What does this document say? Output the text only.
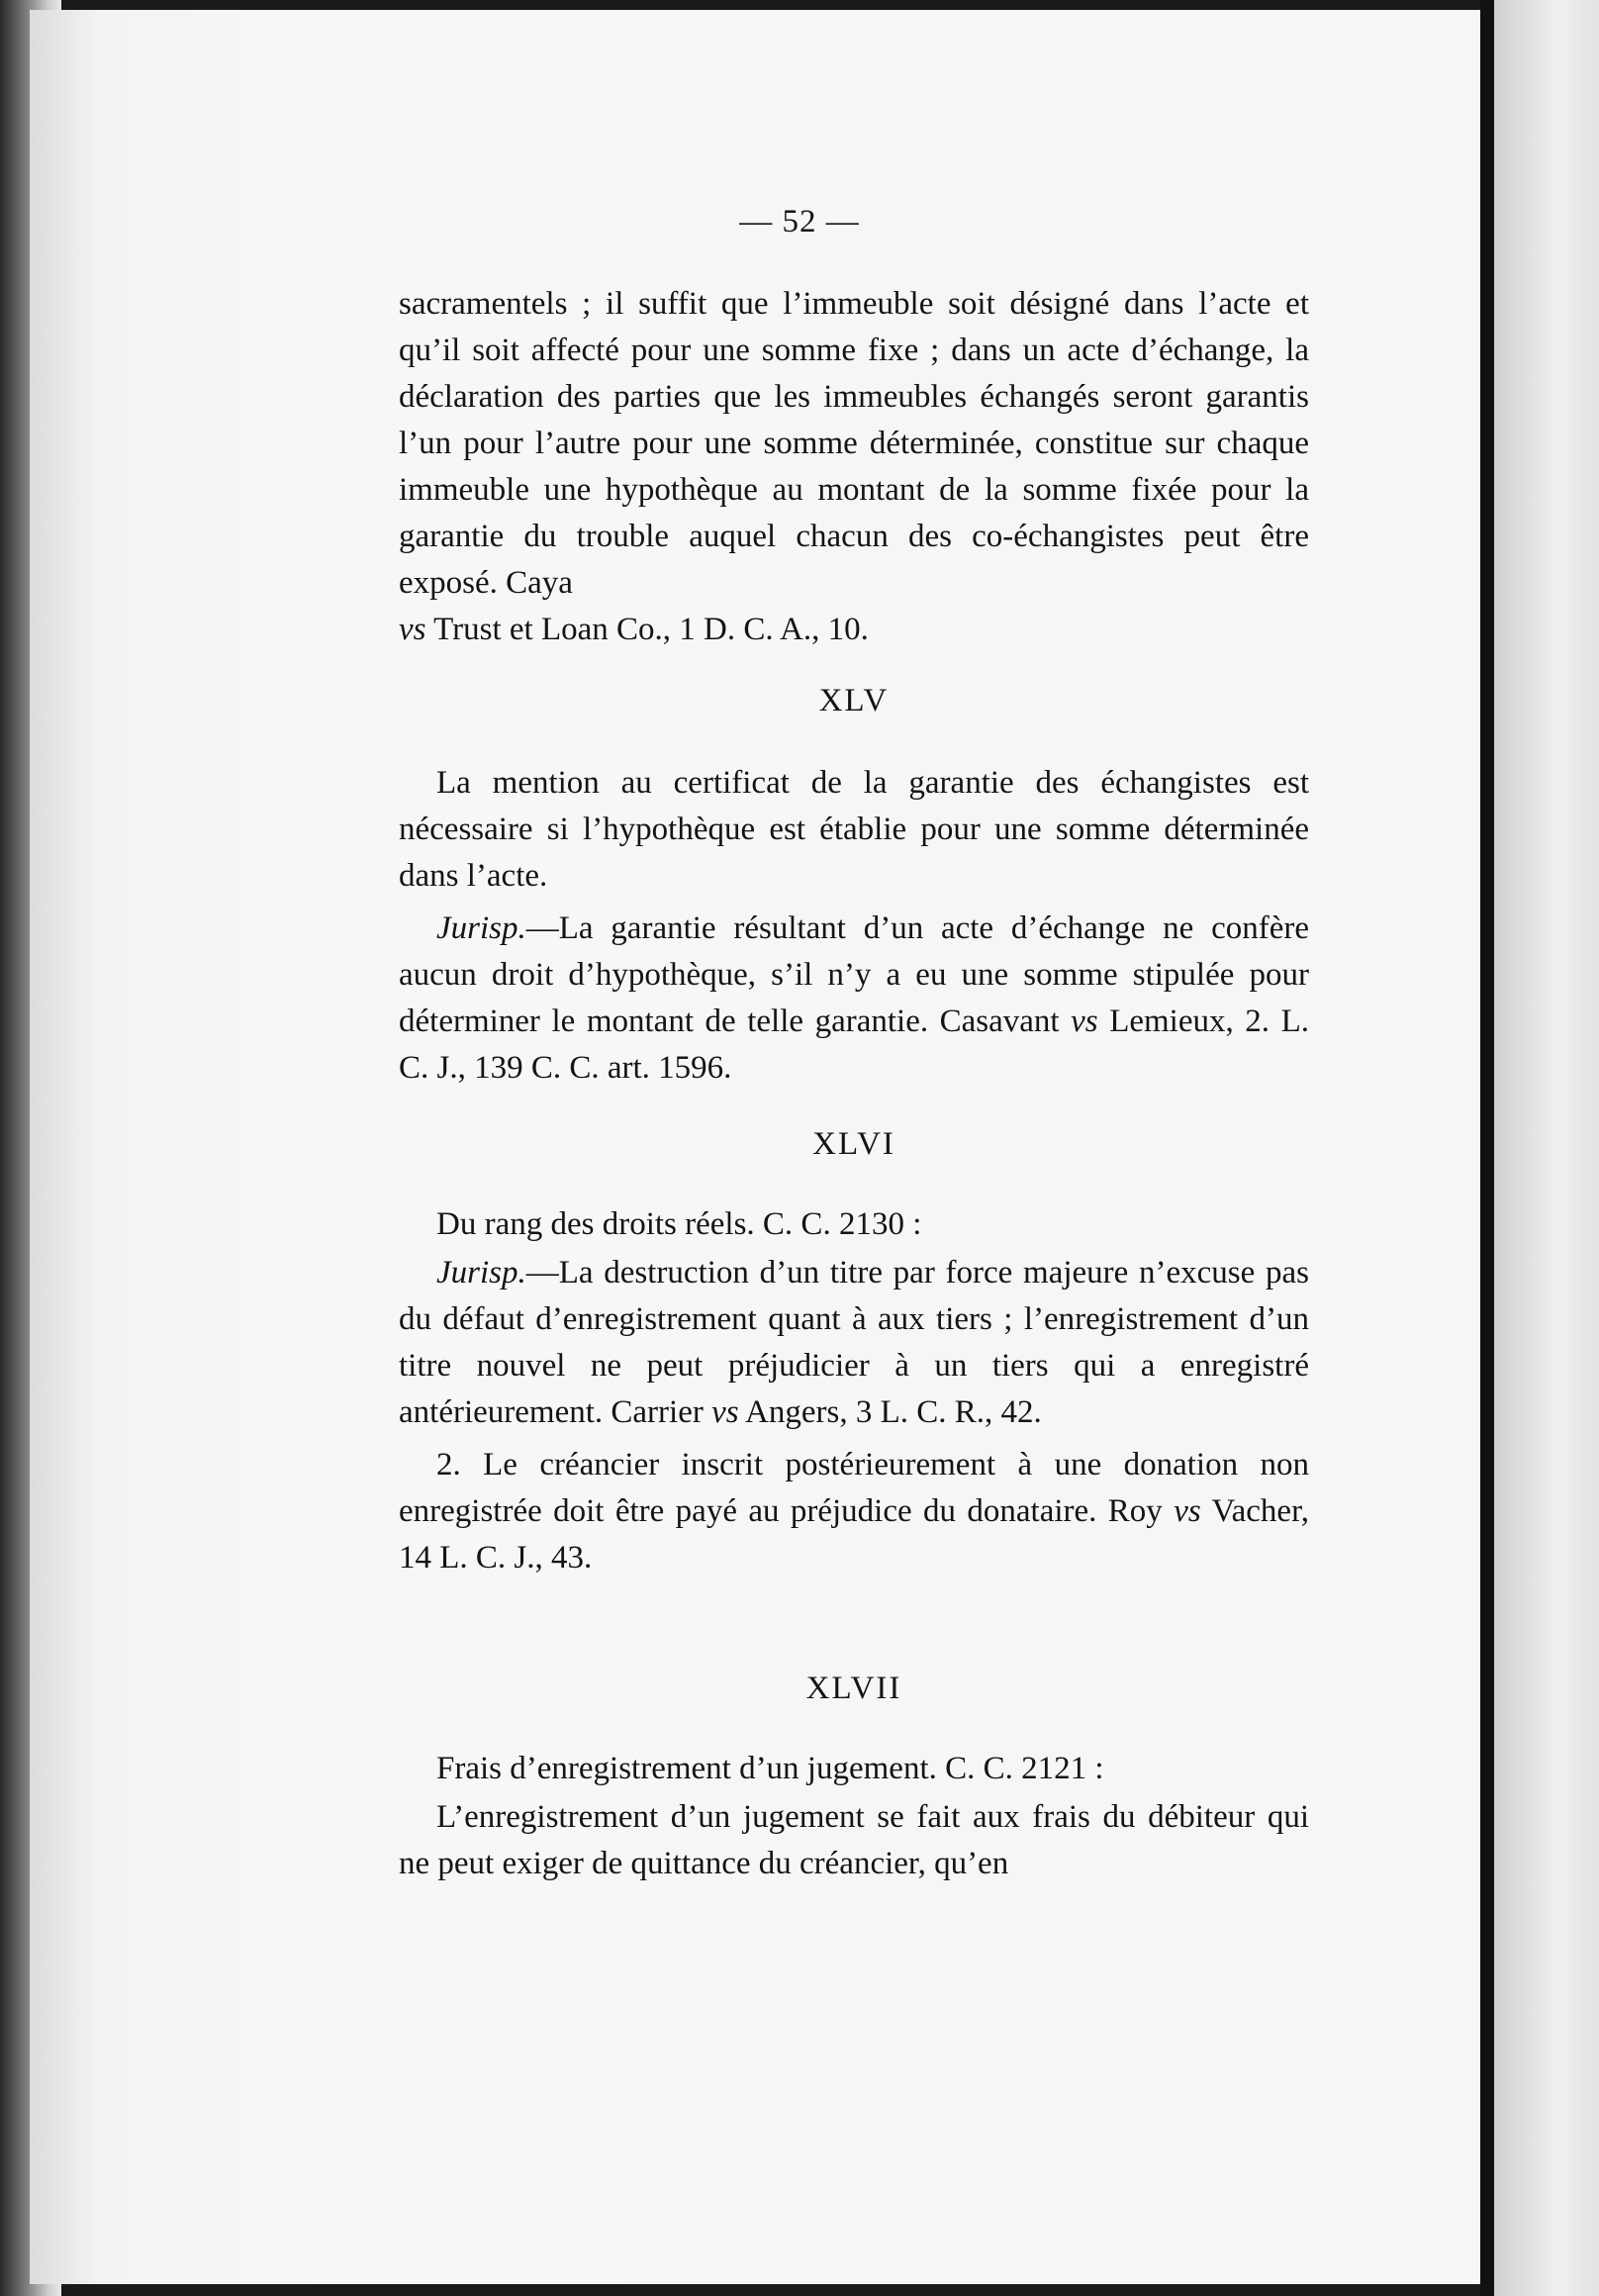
— 52 —

sacramentels ; il suffit que l’immeuble soit désigné dans l’acte et qu’il soit affecté pour une somme fixe ; dans un acte d’échange, la déclaration des parties que les immeubles échangés seront garantis l’un pour l’autre pour une somme déterminée, constitue sur chaque immeuble une hypothèque au montant de la somme fixée pour la garantie du trouble auquel chacun des co-échangistes peut être exposé. Caya
vs Trust et Loan Co., 1 D. C. A., 10.

XLV

La mention au certificat de la garantie des échangistes est nécessaire si l’hypothèque est établie pour une somme déterminée dans l’acte.

Jurisp.—La garantie résultant d’un acte d’échange ne confère aucun droit d’hypothèque, s’il n’y a eu une somme stipulée pour déterminer le montant de telle garantie. Casavant vs Lemieux, 2. L. C. J., 139 C. C. art. 1596.

XLVI

Du rang des droits réels. C. C. 2130 :

Jurisp.—La destruction d’un titre par force majeure n’excuse pas du défaut d’enregistrement quant à aux tiers ; l’enregistrement d’un titre nouvel ne peut préjudicier à un tiers qui a enregistré antérieurement. Carrier vs Angers, 3 L. C. R., 42.

2. Le créancier inscrit postérieurement à une donation non enregistrée doit être payé au préjudice du donataire. Roy vs Vacher, 14 L. C. J., 43.

XLVII

Frais d’enregistrement d’un jugement. C. C. 2121 :

L’enregistrement d’un jugement se fait aux frais du débiteur qui ne peut exiger de quittance du créancier, qu’en
